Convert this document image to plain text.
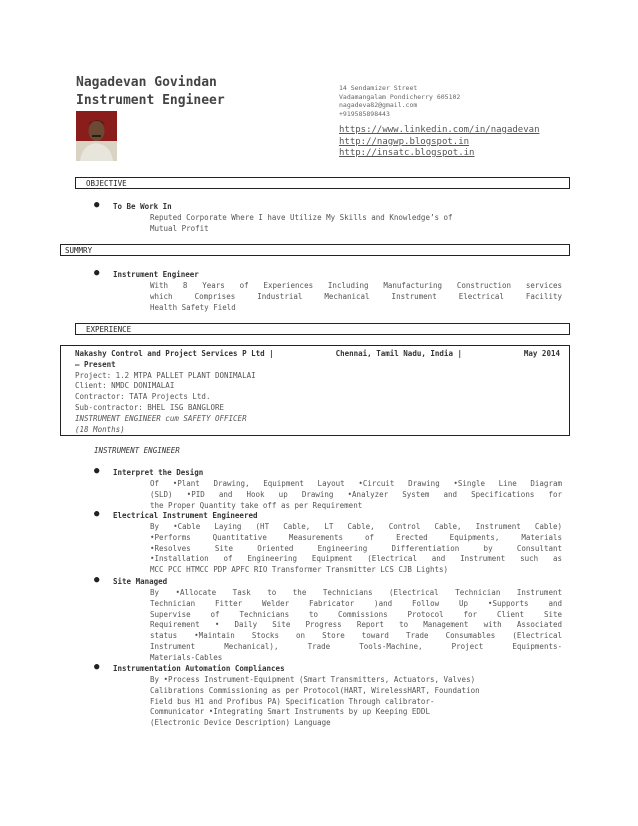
Nagadevan Govindan
Instrument Engineer
14 Sendamizer Street
Vadamangalam Pondicherry 605102
nagadeva82@gmail.com
+919585898443
https://www.linkedin.com/in/nagadevan
http://nagwp.blogspot.in
http://insatc.blogspot.in
OBJECTIVE
● To Be Work In
Reputed Corporate Where I have Utilize My Skills and Knowledge’s of
Mutual Profit
SUMMRY
● Instrument Engineer
With 8 Years of Experiences Including Manufacturing Construction services
which Comprises Industrial Mechanical Instrument Electrical Facility
Health Safety Field
EXPERIENCE
Nakashy Control and Project Services P Ltd |	Chennai, Tamil Nadu, India |	May 2014
– Present
Project: 1.2 MTPA PALLET PLANT DONIMALAI
Client: NMDC DONIMALAI
Contractor: TATA Projects Ltd.
Sub-contractor: BHEL ISG BANGLORE
INSTRUMENT ENGINEER cum SAFETY OFFICER
(18 Months)
INSTRUMENT ENGINEER
● Interpret the Design
Of •Plant Drawing, Equipment Layout •Circuit Drawing •Single Line Diagram
(SLD) •PID and Hook up Drawing •Analyzer System and Specifications for
the Proper Quantity take off as per Requirement
● Electrical Instrument Engineered
By •Cable Laying (HT Cable, LT Cable, Control Cable, Instrument Cable)
•Performs Quantitative Measurements of Erected Equipments, Materials
•Resolves Site Oriented Engineering Differentiation by Consultant
•Installation of Engineering Equipment (Electrical and Instrument such as
MCC PCC HTMCC PDP APFC RIO Transformer Transmitter LCS CJB Lights)
● Site Managed
By •Allocate Task to the Technicians (Electrical Technician Instrument
Technician Fitter Welder Fabricator )and Follow Up •Supports and
Supervise of Technicians to Commissions Protocol for Client Site
Requirement • Daily Site Progress Report to Management with Associated
status •Maintain Stocks on Store toward Trade Consumables (Electrical
Instrument Mechanical), Trade Tools-Machine, Project Equipments-
Materials-Cables
● Instrumentation Automation Compliances
By •Process Instrument-Equipment (Smart Transmitters, Actuators, Valves)
Calibrations Commissioning as per Protocol(HART, WirelessHART, Foundation
Field bus H1 and Profibus PA) Specification Through calibrator-
Communicator •Integrating Smart Instruments by up Keeping EDDL
(Electronic Device Description) Language
